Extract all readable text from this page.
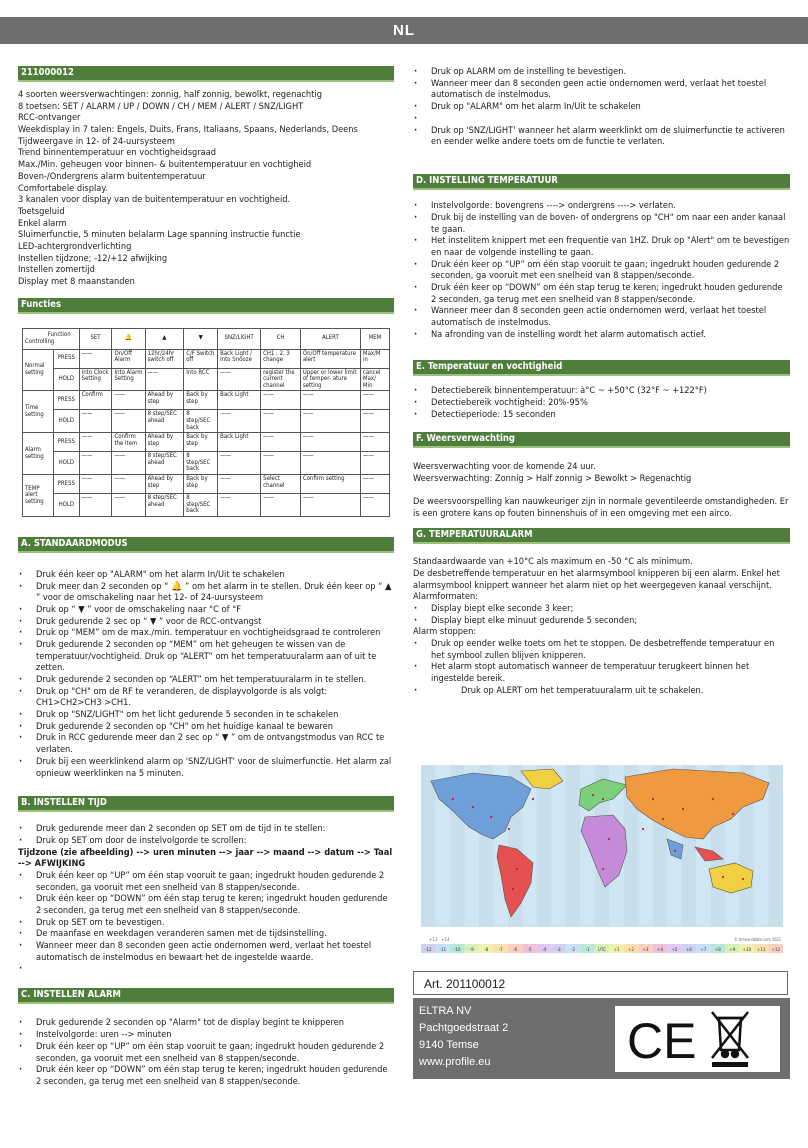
NL
211000012

4 soorten weersverwachtingen: zonnig, half zonnig, bewolkt, regenachtig

8 toetsen: SET / ALARM / UP / DOWN / CH / MEM / ALERT / SNZ/LIGHT

RCC-ontvanger

Weekdisplay in 7 talen: Engels, Duits, Frans, Italiaans, Spaans, Nederlands, Deens

Tijdweergave in 12- of 24-uursysteem

Trend binnentemperatuur en vochtigheidsgraad

Max./Min. geheugen voor binnen- & buitentemperatuur en vochtigheid

Boven-/Ondergrens alarm buitentemperatuur

Comfortabele display.

3 kanalen voor display van de buitentemperatuur en vochtigheid.

Toetsgeluid

Enkel alarm

Sluimerfunctie, 5 minuten belalarm Lage spanning instructie functie

LED-achtergrondverlichting

Instellen tijdzone; -12/+12 afwijking

Instellen zomertijd

Display met 8 maanstanden

Functies
Function
Controlling		SET	🔔	▲	▼	SNZ/LIGHT	CH	ALERT	MEM
Normal setting	PRESS	——	On/Off Alarm	12hr/24hr switch off	C/F Switch off	Back Light / Into Snooze	CH1 , 2, 3 change	On/Off temperature alert	Max/M in
	HOLD	Into Clock Setting	Into Alarm Setting	——	Into RCC	——	register the current channel	Upper or lower limit of temper- ature setting	cancel Max/ Min
Time setting	PRESS	Confirm	——	Ahead by step	Back by step	Back Light	——	——	——
	HOLD	——	——	8 step/SEC ahead	8 step/SEC back	——	——	——	——
Alarm setting	PRESS	——	Confirm the item	Ahead by step	Back by step	Back Light	——	——	——
	HOLD	——	——	8 step/SEC ahead	8 step/SEC back	——	——	——	——
TEMP alert setting	PRESS	——	——	Ahead by step	Back by step	——	Select channel	Confirm setting	——
	HOLD	——	——	8 step/SEC ahead	8 step/SEC back	——	——	——	——
A. STANDAARDMODUS
· Druk één keer op "ALARM" om het alarm In/Uit te schakelen
· Druk meer dan 2 seconden op “ 🔔 ” om het alarm in te stellen. Druk één keer op “ ▲ ” voor de omschakeling naar het 12- of 24-uursysteem
· Druk op “ ▼ ” voor de omschakeling naar °C of °F
· Druk gedurende 2 sec op “ ▼ ” voor de RCC-ontvangst
· Druk op “MEM” om de max./min. temperatuur en vochtigheidsgraad te controleren
· Druk gedurende 2 seconden op “MEM” om het geheugen te wissen van de temperatuur/vochtigheid. Druk op “ALERT” om het temperatuuralarm aan of uit te zetten.
· Druk gedurende 2 seconden op “ALERT” om het temperatuuralarm in te stellen.
· Druk op "CH" om de RF te veranderen, de displayvolgorde is als volgt: CH1>CH2>CH3 >CH1.
· Druk op "SNZ/LIGHT" om het licht gedurende 5 seconden in te schakelen
· Druk gedurende 2 seconden op "CH" om het huidige kanaal te bewaren
· Druk in RCC gedurende meer dan 2 sec op “ ▼ ” om de ontvangstmodus van RCC te verlaten.
· Druk bij een weerklinkend alarm op 'SNZ/LIGHT' voor de sluimerfunctie. Het alarm zal opnieuw weerklinken na 5 minuten.
B. INSTELLEN TIJD
· Druk gedurende meer dan 2 seconden op SET om de tijd in te stellen:
· Druk op SET om door de instelvolgorde te scrollen:
Tijdzone (zie afbeelding) --> uren minuten --> jaar --> maand --> datum --> Taal --> AFWIJKING
· Druk één keer op “UP” om één stap vooruit te gaan; ingedrukt houden gedurende 2 seconden, ga vooruit met een snelheid van 8 stappen/seconde.
· Druk één keer op “DOWN” om één stap terug te keren; ingedrukt houden gedurende 2 seconden, ga terug met een snelheid van 8 stappen/seconde.
· Druk op SET om te bevestigen.
· De maanfase en weekdagen veranderen samen met de tijdsinstelling.
· Wanneer meer dan 8 seconden geen actie ondernomen werd, verlaat het toestel automatisch de instelmodus en bewaart het de ingestelde waarde.
·
C. INSTELLEN ALARM
· Druk gedurende 2 seconden op "Alarm" tot de display begint te knipperen
· Instelvolgorde: uren --> minuten
· Druk één keer op “UP” om één stap vooruit te gaan; ingedrukt houden gedurende 2 seconden, ga vooruit met een snelheid van 8 stappen/seconde.
· Druk één keer op “DOWN” om één stap terug te keren; ingedrukt houden gedurende 2 seconden, ga terug met een snelheid van 8 stappen/seconde.
· Druk op ALARM om de instelling te bevestigen.
· Wanneer meer dan 8 seconden geen actie ondernomen werd, verlaat het toestel automatisch de instelmodus.
· Druk op "ALARM" om het alarm In/Uit te schakelen
·
· Druk op 'SNZ/LIGHT' wanneer het alarm weerklinkt om de sluimerfunctie te activeren en eender welke andere toets om de functie te verlaten.
D. INSTELLING TEMPERATUUR
· Instelvolgorde: bovengrens ----> ondergrens ----> verlaten.
· Druk bij de instelling van de boven- of ondergrens op "CH" om naar een ander kanaal te gaan.
· Het instelitem knippert met een frequentie van 1HZ. Druk op "Alert" om te bevestigen en naar de volgende instelling te gaan.
· Druk één keer op “UP” om één stap vooruit te gaan; ingedrukt houden gedurende 2 seconden, ga vooruit met een snelheid van 8 stappen/seconde.
· Druk één keer op “DOWN” om één stap terug te keren; ingedrukt houden gedurende 2 seconden, ga terug met een snelheid van 8 stappen/seconde.
· Wanneer meer dan 8 seconden geen actie ondernomen werd, verlaat het toestel automatisch de instelmodus.
· Na afronding van de instelling wordt het alarm automatisch actief.
E. Temperatuur en vochtigheid
· Detectiebereik binnentemperatuur: à°C ~ +50°C (32°F ~ +122°F)
· Detectiebereik vochtigheid: 20%-95%
· Detectieperiode: 15 seconden
F. Weersverwachting

Weersverwachting voor de komende 24 uur.

Weersverwachting: Zonnig > Half zonnig > Bewolkt > Regenachtig

De weersvoorspelling kan nauwkeuriger zijn in normale geventileerde omstandigheden. Er is een grotere kans op fouten binnenshuis of in een omgeving met een airco.

G. TEMPERATUURALARM

Standaardwaarde van +10°C als maximum en -50 °C als minimum.

De desbetreffende temperatuur en het alarmsymbool knipperen bij een alarm. Enkel het alarmsymbool knippert wanneer het alarm niet op het weergegeven kanaal verschijnt.

Alarmformaten:

· Display biept elke seconde 3 keer;
· Display biept elke minuut gedurende 5 seconden;

Alarm stoppen:

· Druk op eender welke toets om het te stoppen. De desbetreffende temperatuur en het symbool zullen blijven knipperen.
· Het alarm stopt automatisch wanneer de temperatuur terugkeert binnen het ingestelde bereik.
· Druk op ALERT om het temperatuuralarm uit te schakelen.
-12 -11 -10 -9 -8 -7 -6 -5 -4 -3 -2 -1 UTC +1 +2 +3 +4 +5 +6 +7 +8 +9 +10 +11 +12
+13 +14	© timeanddate.com 2021
Art. 201100012
ELTRA NV
Pachtgoedstraat 2
9140 Temse
www.profile.eu	CE
